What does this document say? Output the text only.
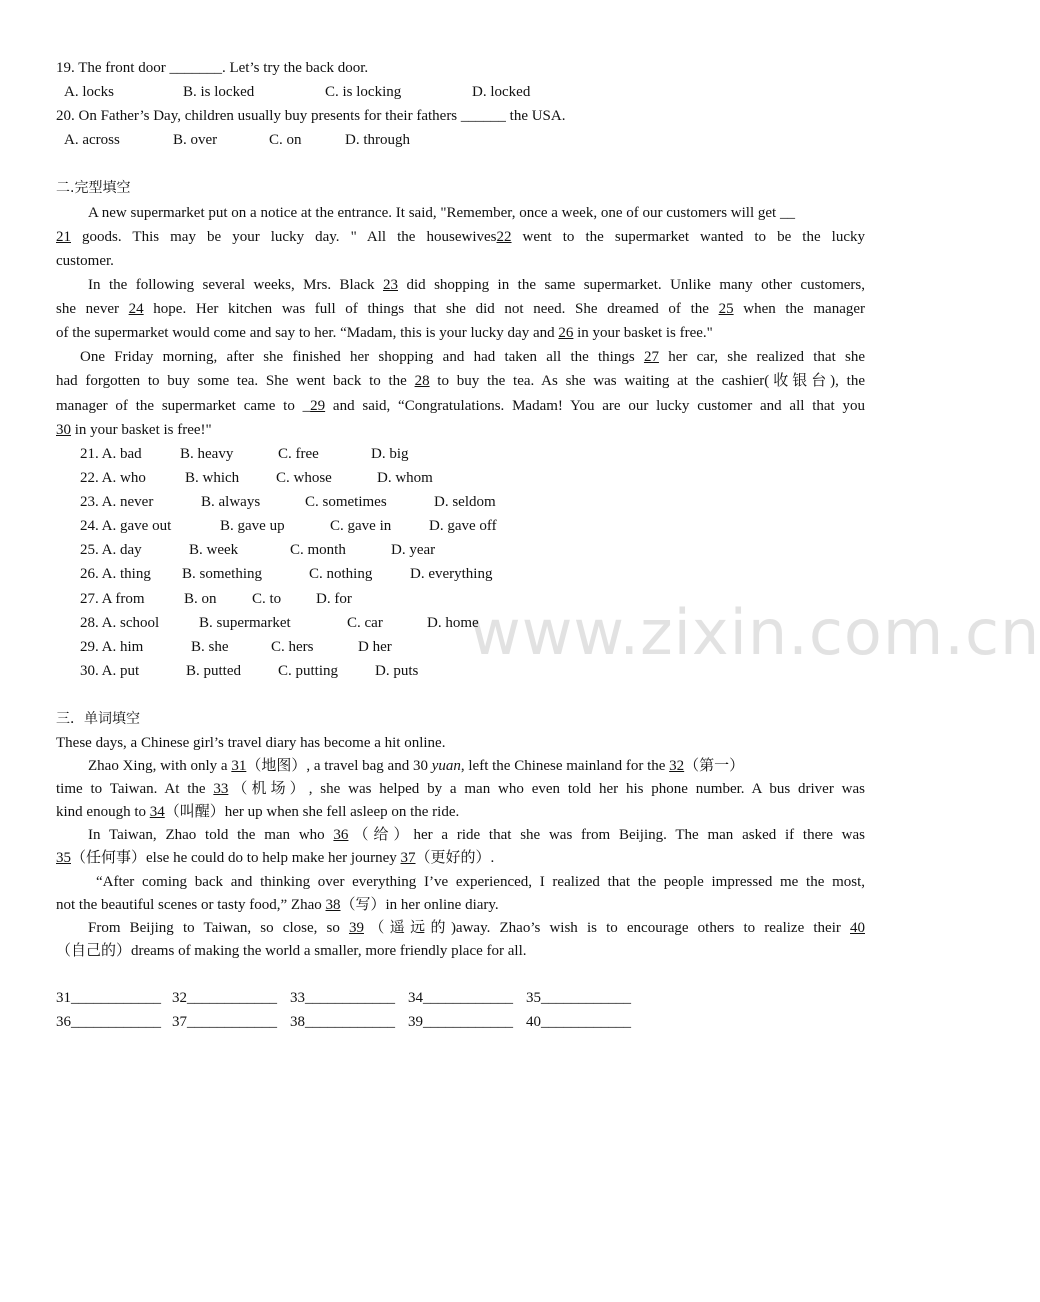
www.zixin.com.cn
19. The front door _______. Let’s try the back door.
A. locks	B. is locked	C. is locking	D. locked
20. On Father’s Day, children usually buy presents for their fathers ______ the USA.
A. across	B. over	C. on	D. through
二.完型填空
A new supermarket put on a notice at the entrance. It said, "Remember, once a week, one of our customers will get __
21 goods. This may be your lucky day. " All the housewives22 went to the supermarket wanted to be the lucky
customer.
In the following several weeks, Mrs. Black 23 did shopping in the same supermarket. Unlike many other customers,
she never 24 hope. Her kitchen was full of things that she did not need. She dreamed of the 25 when the manager
of the supermarket would come and say to her. “Madam, this is your lucky day and 26 in your basket is free."
One Friday morning, after she finished her shopping and had taken all the things 27 her car, she realized that she
had forgotten to buy some tea. She went back to the 28 to buy the tea. As she was waiting at the cashier(收银台), the
manager of the supermarket came to _29 and said, “Congratulations. Madam! You are our lucky customer and all that you
30 in your basket is free!"
21. A. bad	B. heavy	C. free	D. big
22. A. who	B. which C. whose	D. whom
23. A. never	B. always	C. sometimes	D. seldom
24. A. gave out	B. gave up	C. gave in	D. gave off
25. A. day	B. week	C. month	D. year
26. A. thing B. something	C. nothing	D. everything
27. A from	B. on C. to D. for
28. A. school	B. supermarket	C. car	D. home
29. A. him	B. she	C. hers	D her
30. A. put	B. putted C. putting D. puts
三．单词填空
These days, a Chinese girl’s travel diary has become a hit online.
Zhao Xing, with only a 31（地图）, a travel bag and 30 yuan, left the Chinese mainland for the 32（第一）
time to Taiwan. At the 33（机场）, she was helped by a man who even told her his phone number. A bus driver was
kind enough to 34（叫醒）her up when she fell asleep on the ride.
In Taiwan, Zhao told the man who 36（给）her a ride that she was from Beijing. The man asked if there was
35（任何事）else he could do to help make her journey 37（更好的）.
“After coming back and thinking over everything I’ve experienced, I realized that the people impressed me the most,
not the beautiful scenes or tasty food,” Zhao 38（写）in her online diary.
From Beijing to Taiwan, so close, so 39（遥远的)away. Zhao’s wish is to encourage others to realize their 40
（自己的）dreams of making the world a smaller, more friendly place for all.
31____________ 32____________ 33____________ 34____________ 35____________
36____________ 37____________ 38____________ 39____________ 40____________
